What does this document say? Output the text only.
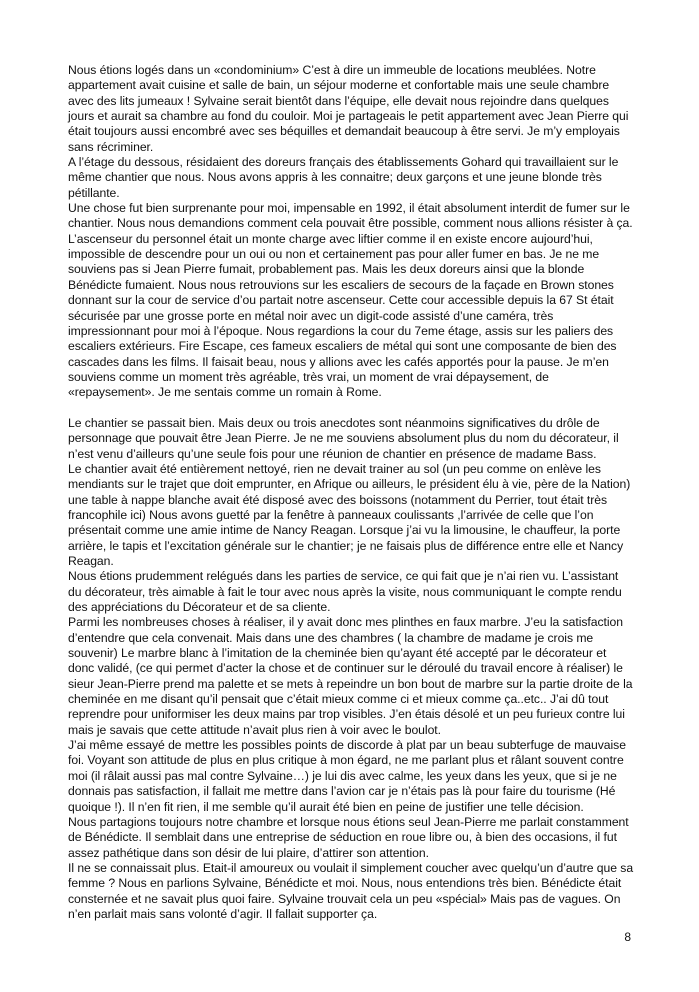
Nous étions logés dans un «condominium» C’est à dire un immeuble de locations meublées. Notre appartement avait cuisine et salle de bain, un séjour moderne et confortable mais une seule chambre avec des lits jumeaux ! Sylvaine serait bientôt dans l’équipe, elle devait nous rejoindre dans quelques jours et aurait sa chambre au fond du couloir. Moi je partageais le petit appartement avec Jean Pierre qui était toujours aussi encombré avec ses béquilles et demandait beaucoup à être servi. Je m’y employais sans récriminer.

A l’étage du dessous, résidaient des doreurs français des établissements Gohard qui travaillaient sur le même chantier que nous. Nous avons appris à les connaitre; deux garçons et une jeune blonde très pétillante.

Une chose fut bien surprenante pour moi, impensable en 1992, il était absolument interdit de fumer sur le chantier. Nous nous demandions comment cela pouvait être possible, comment nous allions résister à ça. L’ascenseur du personnel était un monte charge avec liftier comme il en existe encore aujourd’hui, impossible de descendre pour un oui ou non et certainement pas pour aller fumer en bas. Je ne me souviens pas si Jean Pierre fumait, probablement pas. Mais les deux doreurs ainsi que la blonde Bénédicte fumaient. Nous nous retrouvions sur les escaliers de secours de la façade en Brown stones donnant sur la cour de service d’ou partait notre ascenseur. Cette cour accessible depuis la 67 St était sécurisée par une grosse porte en métal noir avec un digit-code assisté d’une caméra, très impressionnant pour moi à l’époque. Nous regardions la cour du 7eme étage, assis sur les paliers des escaliers extérieurs. Fire Escape, ces fameux escaliers de métal qui sont une composante de bien des cascades dans les films. Il faisait beau, nous y allions avec les cafés apportés pour la pause. Je m’en souviens comme un moment très agréable, très vrai, un moment de vrai dépaysement, de «repaysement». Je me sentais comme un romain à Rome.

Le chantier se passait bien. Mais deux ou trois anecdotes sont néanmoins significatives du drôle de personnage que pouvait être Jean Pierre. Je ne me souviens absolument plus du nom du décorateur, il n’est venu d’ailleurs qu’une seule fois pour une réunion de chantier en présence de madame Bass.

Le chantier avait été entièrement nettoyé, rien ne devait trainer au sol (un peu comme on enlève les mendiants sur le trajet que doit emprunter, en Afrique ou ailleurs, le président élu à vie, père de la Nation) une table à nappe blanche avait été disposé avec des boissons (notamment du Perrier, tout était très francophile ici) Nous avons guetté par la fenêtre à panneaux coulissants ,l’arrivée de celle que l’on présentait comme une amie intime de Nancy Reagan. Lorsque j’ai vu la limousine, le chauffeur, la porte arrière, le tapis et l’excitation générale sur le chantier; je ne faisais plus de différence entre elle et Nancy Reagan.

Nous étions prudemment relégués dans les parties de service, ce qui fait que je n’ai rien vu. L’assistant du décorateur, très aimable à fait le tour avec nous après la visite, nous communiquant le compte rendu des appréciations du Décorateur et de sa cliente.

Parmi les nombreuses choses à réaliser, il y avait donc mes plinthes en faux marbre. J’eu la satisfaction d’entendre que cela convenait. Mais dans une des chambres ( la chambre de madame je crois me souvenir) Le marbre blanc à l’imitation de la cheminée bien qu’ayant été accepté par le décorateur et donc validé, (ce qui permet d’acter la chose et de continuer sur le déroulé du travail encore à réaliser) le sieur Jean-Pierre prend ma palette et se mets à repeindre un bon bout de marbre sur la partie droite de la cheminée en me disant qu’il pensait que c’était mieux comme ci et mieux comme ça..etc.. J’ai dû tout reprendre pour uniformiser les deux mains par trop visibles. J’en étais désolé et un peu furieux contre lui mais je savais que cette attitude n’avait plus rien à voir avec le boulot.

J’ai même essayé de mettre les possibles points de discorde à plat par un beau subterfuge de mauvaise foi. Voyant son attitude de plus en plus critique à mon égard, ne me parlant plus et râlant souvent contre moi (il râlait aussi pas mal contre Sylvaine…) je lui dis avec calme, les yeux dans les yeux, que si je ne donnais pas satisfaction, il fallait me mettre dans l’avion car je n’étais pas là pour faire du tourisme (Hé quoique !). Il n’en fit rien, il me semble qu’il aurait été bien en peine de justifier une telle décision.

Nous partagions toujours notre chambre et lorsque nous étions seul Jean-Pierre me parlait constamment de Bénédicte. Il semblait dans une entreprise de séduction en roue libre ou, à bien des occasions, il fut assez pathétique dans son désir de lui plaire, d’attirer son attention.

Il ne se connaissait plus. Etait-il amoureux ou voulait il simplement coucher avec quelqu’un d’autre que sa femme ? Nous en parlions Sylvaine, Bénédicte et moi. Nous, nous entendions très bien. Bénédicte était consternée et ne savait plus quoi faire. Sylvaine trouvait cela un peu «spécial» Mais pas de vagues. On n’en parlait mais sans volonté d’agir. Il fallait supporter ça.

8
